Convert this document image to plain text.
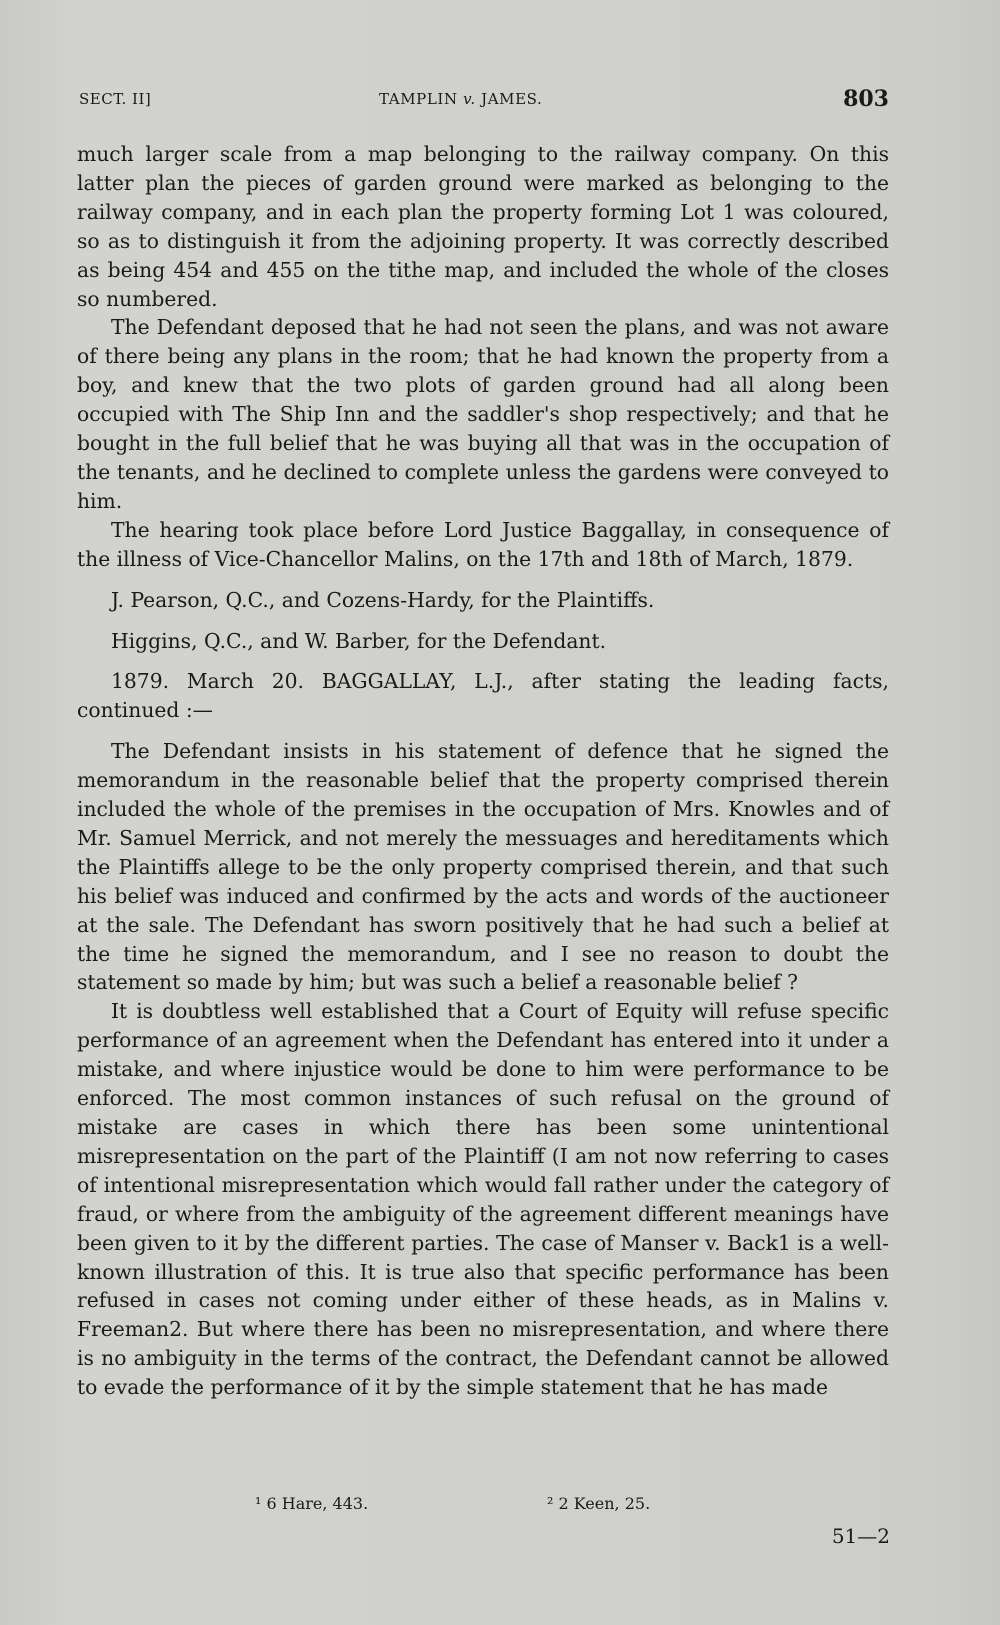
SECT. II]	TAMPLIN v. JAMES.	803

much larger scale from a map belonging to the railway company. On this latter plan the pieces of garden ground were marked as belonging to the railway company, and in each plan the property forming Lot 1 was coloured, so as to distinguish it from the adjoining property. It was correctly described as being 454 and 455 on the tithe map, and included the whole of the closes so numbered.

The Defendant deposed that he had not seen the plans, and was not aware of there being any plans in the room; that he had known the property from a boy, and knew that the two plots of garden ground had all along been occupied with The Ship Inn and the saddler's shop respectively; and that he bought in the full belief that he was buying all that was in the occupation of the tenants, and he declined to complete unless the gardens were conveyed to him.

The hearing took place before Lord Justice Baggallay, in consequence of the illness of Vice-Chancellor Malins, on the 17th and 18th of March, 1879.

J. Pearson, Q.C., and Cozens-Hardy, for the Plaintiffs.

Higgins, Q.C., and W. Barber, for the Defendant.

1879. March 20. BAGGALLAY, L.J., after stating the leading facts, continued :—

The Defendant insists in his statement of defence that he signed the memorandum in the reasonable belief that the property comprised therein included the whole of the premises in the occupation of Mrs. Knowles and of Mr. Samuel Merrick, and not merely the messuages and hereditaments which the Plaintiffs allege to be the only property comprised therein, and that such his belief was induced and confirmed by the acts and words of the auctioneer at the sale. The Defendant has sworn positively that he had such a belief at the time he signed the memorandum, and I see no reason to doubt the statement so made by him; but was such a belief a reasonable belief ?

It is doubtless well established that a Court of Equity will refuse specific performance of an agreement when the Defendant has entered into it under a mistake, and where injustice would be done to him were performance to be enforced. The most common instances of such refusal on the ground of mistake are cases in which there has been some unintentional misrepresentation on the part of the Plaintiff (I am not now referring to cases of intentional misrepresentation which would fall rather under the category of fraud, or where from the ambiguity of the agreement different meanings have been given to it by the different parties. The case of Manser v. Back1 is a well-known illustration of this. It is true also that specific performance has been refused in cases not coming under either of these heads, as in Malins v. Freeman2. But where there has been no misrepresentation, and where there is no ambiguity in the terms of the contract, the Defendant cannot be allowed to evade the performance of it by the simple statement that he has made

¹ 6 Hare, 443.	² 2 Keen, 25.
51—2
